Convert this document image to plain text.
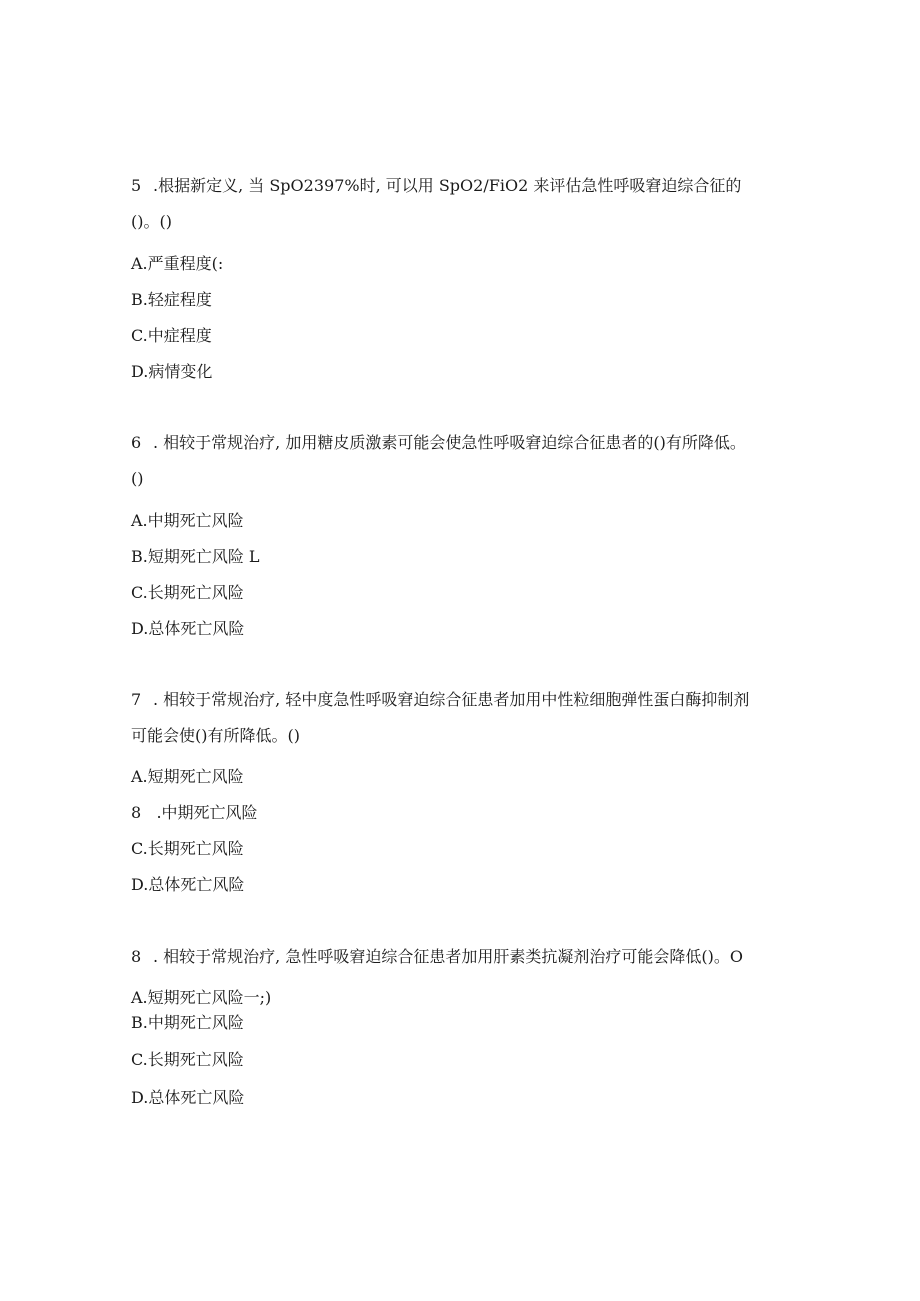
5 .根据新定义, 当 SpO2397%时, 可以用 SpO2/FiO2 来评估急性呼吸窘迫综合征的
()。()
A.严重程度(:
B.轻症程度
C.中症程度
D.病情变化
6 . 相较于常规治疗, 加用糖皮质激素可能会使急性呼吸窘迫综合征患者的()有所降低。
()
A.中期死亡风险
B.短期死亡风险 L
C.长期死亡风险
D.总体死亡风险
7 . 相较于常规治疗, 轻中度急性呼吸窘迫综合征患者加用中性粒细胞弹性蛋白酶抑制剂
可能会使()有所降低。()
A.短期死亡风险
8   .中期死亡风险
C.长期死亡风险
D.总体死亡风险
8 . 相较于常规治疗, 急性呼吸窘迫综合征患者加用肝素类抗凝剂治疗可能会降低()。O
A.短期死亡风险一;)
B.中期死亡风险
C.长期死亡风险
D.总体死亡风险
